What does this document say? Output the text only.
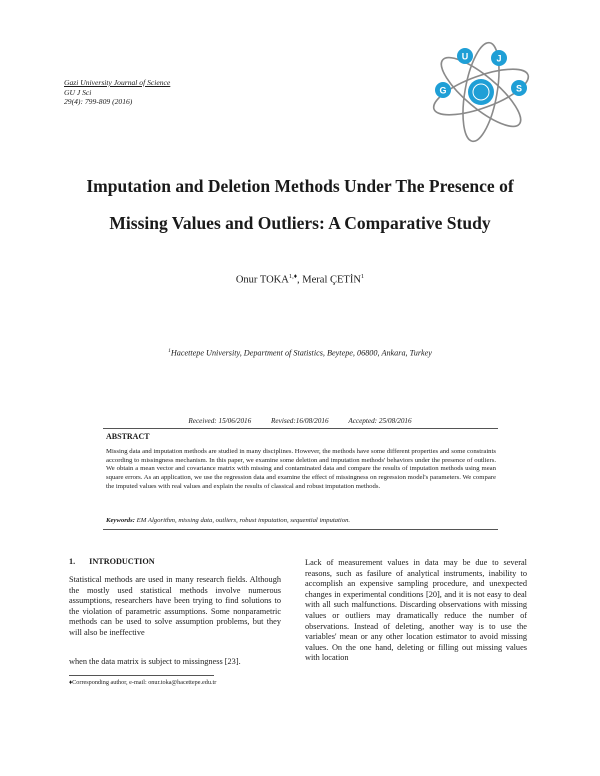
Gazi University Journal of Science
GU J Sci
29(4): 799-809 (2016)
G
U	J
S
Imputation and Deletion Methods Under The Presence of
Missing Values and Outliers: A Comparative Study
Onur $TOKA^{1,♦}$, Meral ÇETİN$^1$
$^1$Hacettepe University, Department of Statistics, Beytepe, 06800, Ankara, Turkey
Received: 15/06/2016	Revised:16/08/2016	Accepted: 25/08/2016
ABSTRACT
Missing data and imputation methods are studied in many disciplines. However, the methods have some different properties and some constraints according to missingness mechanism. In this paper, we examine some deletion and imputation methods' behaviors under the presence of outliers. We obtain a mean vector and covariance matrix with missing and contaminated data and compare the results of imputation methods using mean square errors. As an application, we use the regression data and examine the effect of missingness on regression model's parameters. We compare the imputed values with real values and explain the results of classical and robust imputation methods.
Keywords: EM Algorithm, missing data, outliers, robust imputation, sequential imputation.
1. INTRODUCTION
Statistical methods are used in many research fields. Although the mostly used statistical methods involve numerous assumptions, researchers have been trying to find solutions to the violation of parametric assumptions. Some nonparametric methods can be used to solve assumption problems, but they will also be ineffective
when the data matrix is subject to missingness [23].
Lack of measurement values in data may be due to several reasons, such as fasilure of analytical instruments, inability to accomplish an expensive sampling procedure, and unexpected changes in experimental conditions [20], and it is not easy to deal with all such malfunctions. Discarding observations with missing values or outliers may dramatically reduce the number of observations. Instead of deleting, another way is to use the variables' mean or any other location estimator to avoid missing values. On the one hand, deleting or filling out missing values with location
♦Corresponding author, e-mail: onur.toka@hacettepe.edu.tr
